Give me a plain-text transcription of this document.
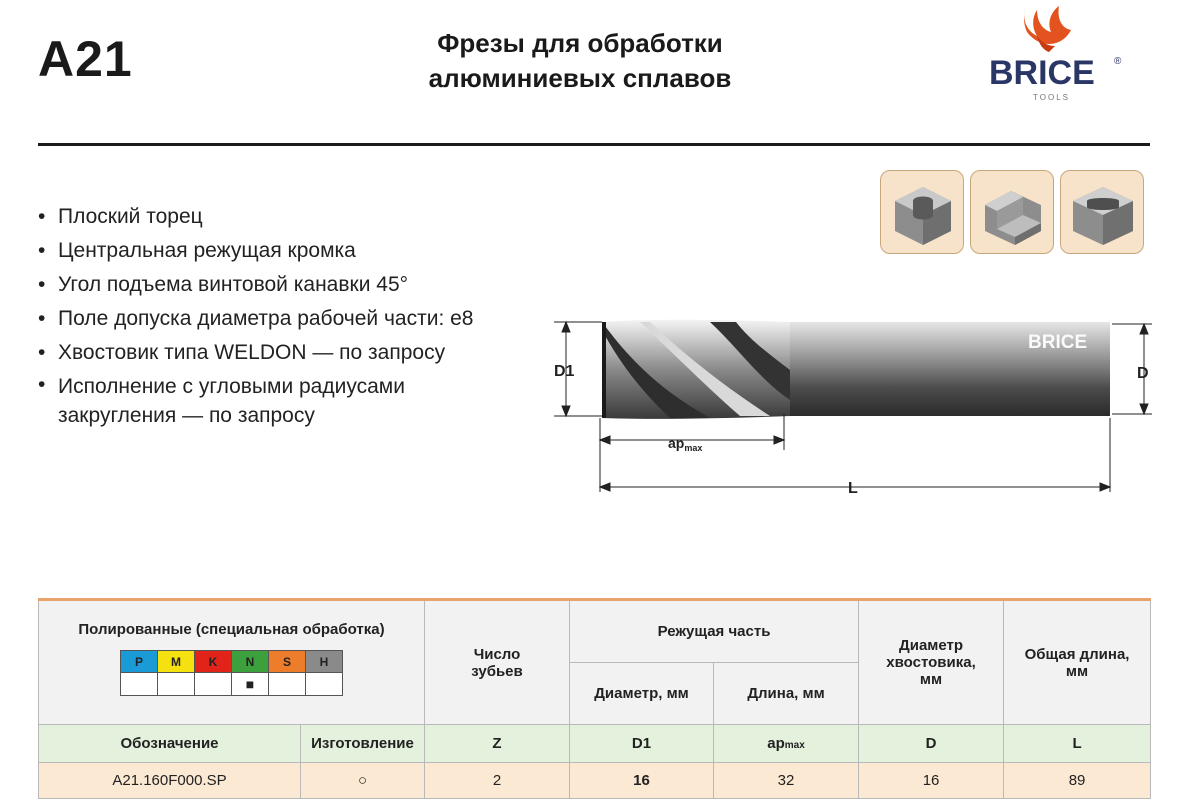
A21	Фрезы для обработки
алюминиевых сплавов	BRICE ®
TOOLS
• Плоский торец
• Центральная режущая кромка
• Угол подъема винтовой канавки 45°
• Поле допуска диаметра рабочей части: e8
• Хвостовик типа WELDON — по запросу
• Исполнение с угловыми радиусами закругления — по запросу
BRICE
D1	D
$ap_{max}$
L
Полированные (специальная обработка)
P	M	K	N	S	H
			■		
	Число зубьев	Режущая часть	Диаметр хвостовика, мм	Общая длина, мм
Диаметр, мм	Длина, мм
Обозначение	Изготовление	Z	D1	apmax	D	L
A21.160F000.SP	○	2	16	32	16	89
